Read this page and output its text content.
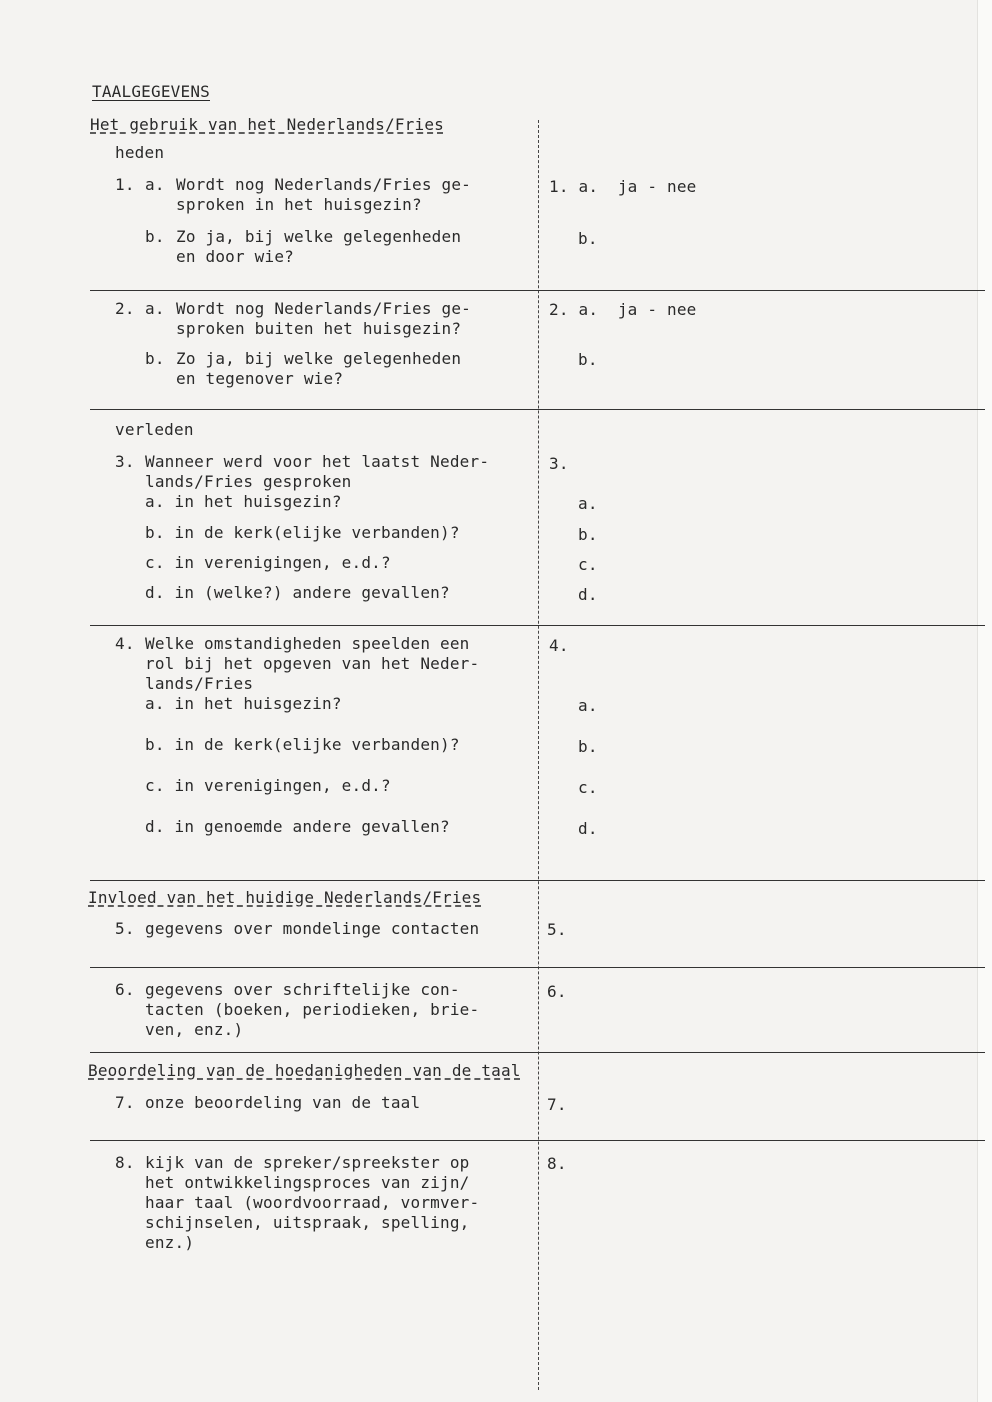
TAALGEGEVENS
Het gebruik van het Nederlands/Fries
heden
1. a. Wordt nog Nederlands/Fries ge-
sproken in het huisgezin?
b. Zo ja, bij welke gelegenheden
en door wie?
1. a.  ja - nee
b.
2. a. Wordt nog Nederlands/Fries ge-
sproken buiten het huisgezin?
b. Zo ja, bij welke gelegenheden
en tegenover wie?
2. a.  ja - nee
b.
verleden
3. Wanneer werd voor het laatst Neder-
lands/Fries gesproken
a. in het huisgezin?
b. in de kerk(elijke verbanden)?
c. in verenigingen, e.d.?
d. in (welke?) andere gevallen?
3.
a.
b.
c.
d.
4. Welke omstandigheden speelden een
rol bij het opgeven van het Neder-
lands/Fries
a. in het huisgezin?
b. in de kerk(elijke verbanden)?
c. in verenigingen, e.d.?
d. in genoemde andere gevallen?
4.
a.
b.
c.
d.
Invloed van het huidige Nederlands/Fries
5. gegevens over mondelinge contacten	5.
6. gegevens over schriftelijke con-
tacten (boeken, periodieken, brie-
ven, enz.)
6.
Beoordeling van de hoedanigheden van de taal
7. onze beoordeling van de taal	7.
8. kijk van de spreker/spreekster op
het ontwikkelingsproces van zijn/
haar taal (woordvoorraad, vormver-
schijnselen, uitspraak, spelling,
enz.)
8.
